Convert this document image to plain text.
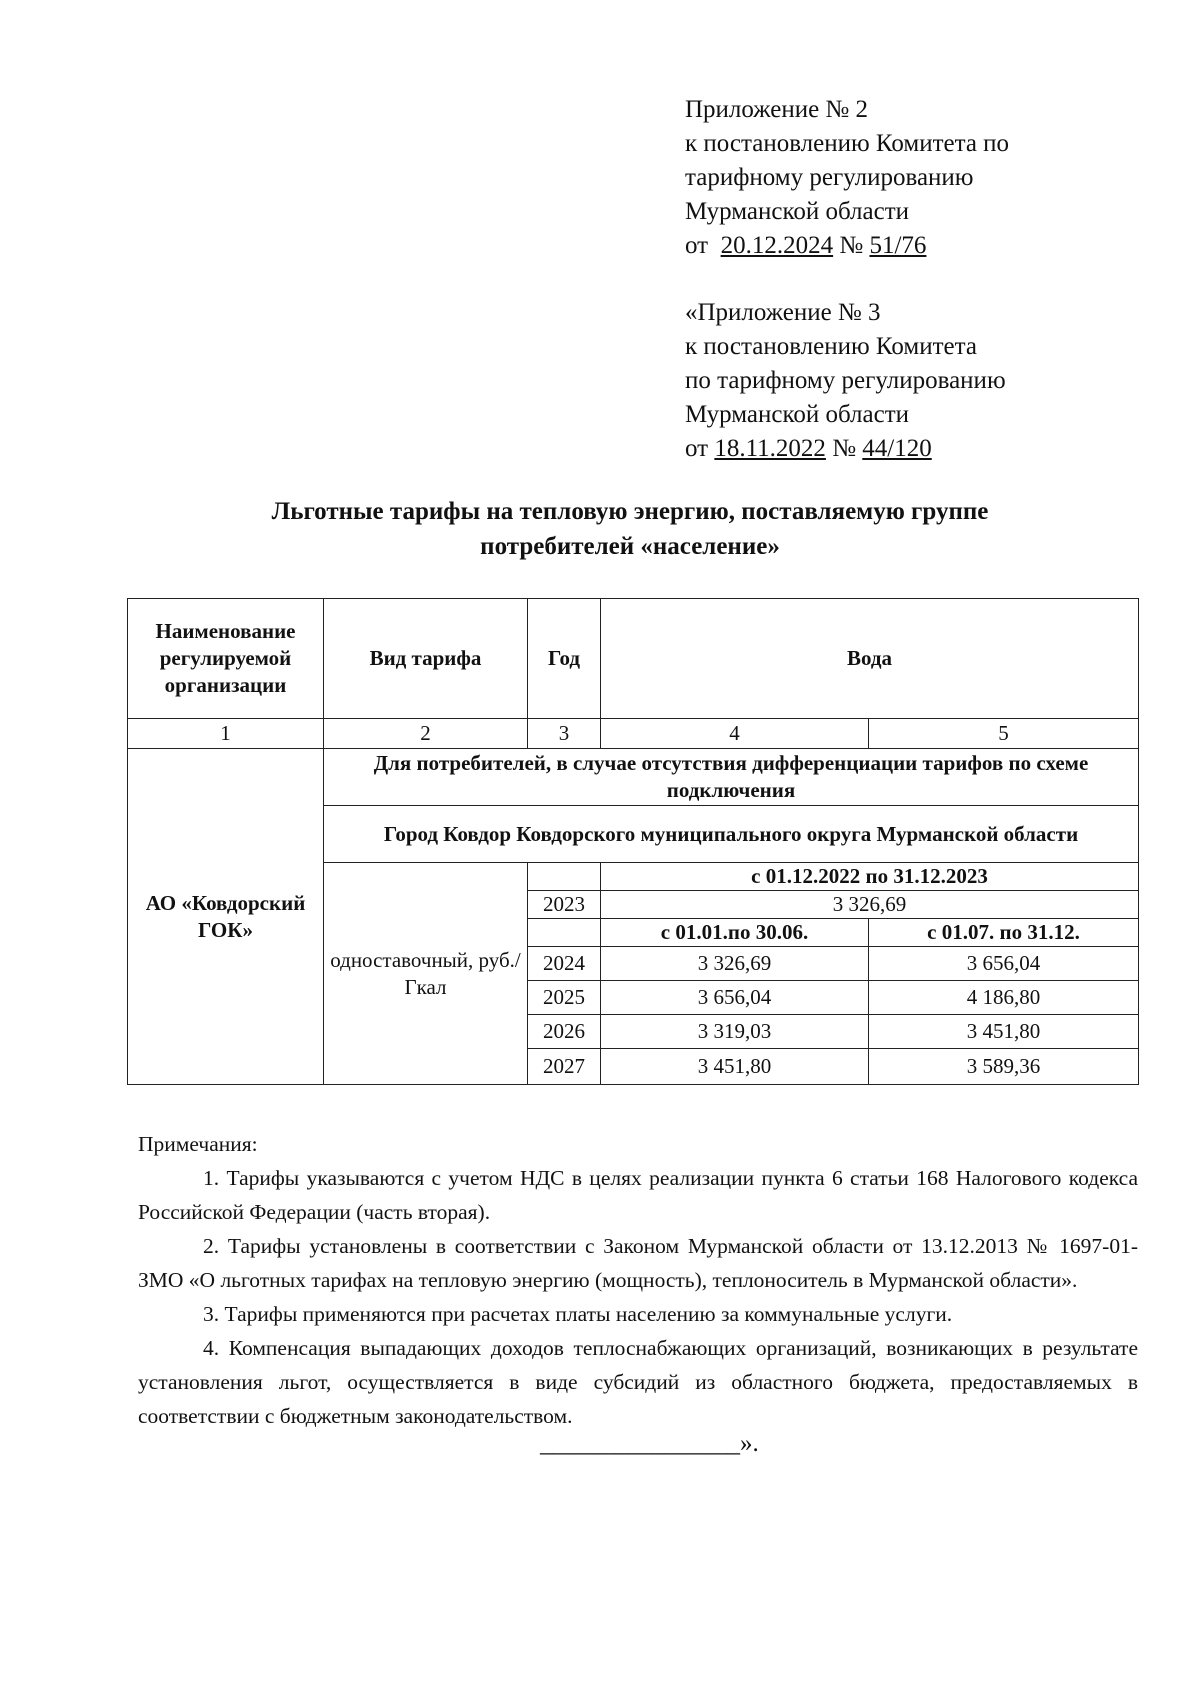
Приложение № 2
к постановлению Комитета по
тарифному регулированию
Мурманской области
от 20.12.2024 № 51/76
«Приложение № 3
к постановлению Комитета
по тарифному регулированию
Мурманской области
от 18.11.2022 № 44/120
Льготные тарифы на тепловую энергию, поставляемую группе
потребителей «население»
Наименование регулируемой организации	Вид тарифа	Год	Вода	
1	2	3	4	5
АО «Ковдорский ГОК»	Для потребителей, в случае отсутствия дифференциации тарифов по схеме подключения			
	Город Ковдор Ковдорского муниципального округа Мурманской области			
	одноставочный, руб./Гкал		с 01.12.2022 по 31.12.2023	
		2023	3 326,69	
			с 01.01.по 30.06.	с 01.07. по 31.12.
		2024	3 326,69	3 656,04
		2025	3 656,04	4 186,80
		2026	3 319,03	3 451,80
		2027	3 451,80	3 589,36

Примечания:

1. Тарифы указываются с учетом НДС в целях реализации пункта 6 статьи 168 Налогового кодекса Российской Федерации (часть вторая).

2. Тарифы установлены в соответствии с Законом Мурманской области от 13.12.2013 № 1697-01-ЗМО «О льготных тарифах на тепловую энергию (мощность), теплоноситель в Мурманской области».

3. Тарифы применяются при расчетах платы населению за коммунальные услуги.

4. Компенсация выпадающих доходов теплоснабжающих организаций, возникающих в результате установления льгот, осуществляется в виде субсидий из областного бюджета, предоставляемых в соответствии с бюджетным законодательством.

________________».
